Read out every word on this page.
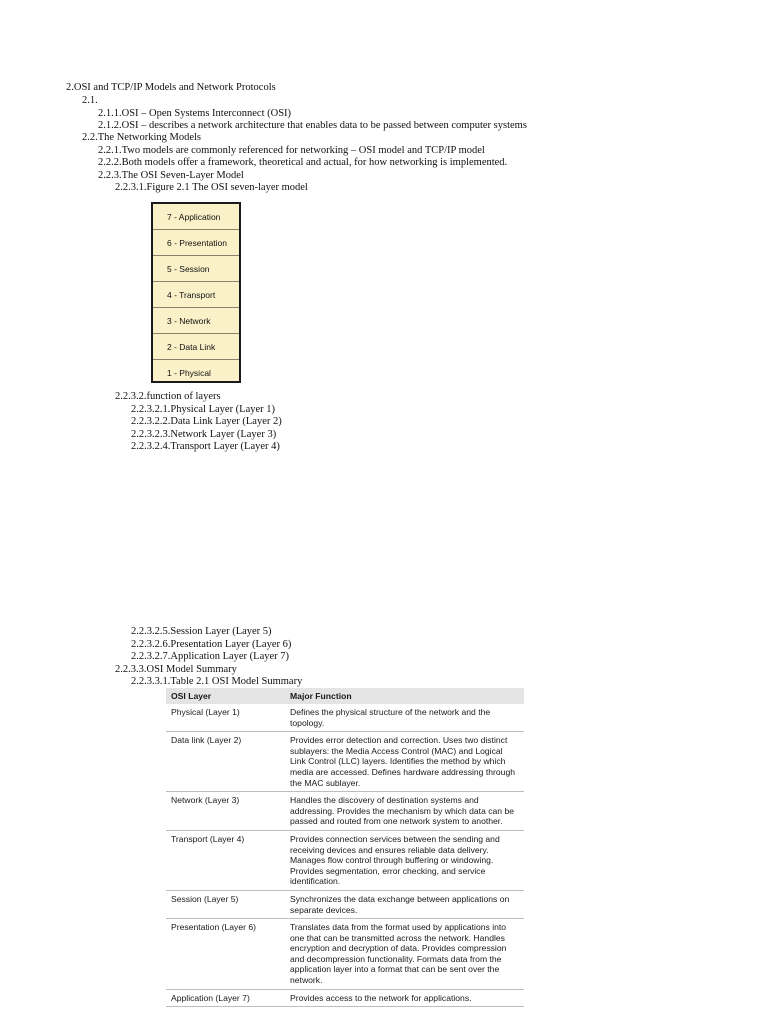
2.OSI and TCP/IP Models and Network Protocols
2.1.
2.1.1.OSI – Open Systems Interconnect (OSI)
2.1.2.OSI – describes a network architecture that enables data to be passed between computer systems
2.2.The Networking Models
2.2.1.Two models are commonly referenced for networking – OSI model and TCP/IP model
2.2.2.Both models offer a framework, theoretical and actual, for how networking is implemented.
2.2.3.The OSI Seven-Layer Model
2.2.3.1.Figure 2.1 The OSI seven-layer model
7 - Application
6 - Presentation
5 - Session
4 - Transport
3 - Network
2 - Data Link
1 - Physical
2.2.3.2.function of layers
2.2.3.2.1.Physical Layer (Layer 1)
2.2.3.2.2.Data Link Layer (Layer 2)
2.2.3.2.3.Network Layer (Layer 3)
2.2.3.2.4.Transport Layer (Layer 4)
2.2.3.2.5.Session Layer (Layer 5)
2.2.3.2.6.Presentation Layer (Layer 6)
2.2.3.2.7.Application Layer (Layer 7)
2.2.3.3.OSI Model Summary
2.2.3.3.1.Table 2.1 OSI Model Summary
OSI Layer	Major Function
Physical (Layer 1)	Defines the physical structure of the network and the topology.
Data link (Layer 2)	Provides error detection and correction. Uses two distinct sublayers: the Media Access Control (MAC) and Logical Link Control (LLC) layers. Identifies the method by which media are accessed. Defines hardware addressing through the MAC sublayer.
Network (Layer 3)	Handles the discovery of destination systems and addressing. Provides the mechanism by which data can be passed and routed from one network system to another.
Transport (Layer 4)	Provides connection services between the sending and receiving devices and ensures reliable data delivery. Manages flow control through buffering or windowing. Provides segmentation, error checking, and service identification.
Session (Layer 5)	Synchronizes the data exchange between applications on separate devices.
Presentation (Layer 6)	Translates data from the format used by applications into one that can be transmitted across the network. Handles encryption and decryption of data. Provides compression and decompression functionality. Formats data from the application layer into a format that can be sent over the network.
Application (Layer 7)	Provides access to the network for applications.
